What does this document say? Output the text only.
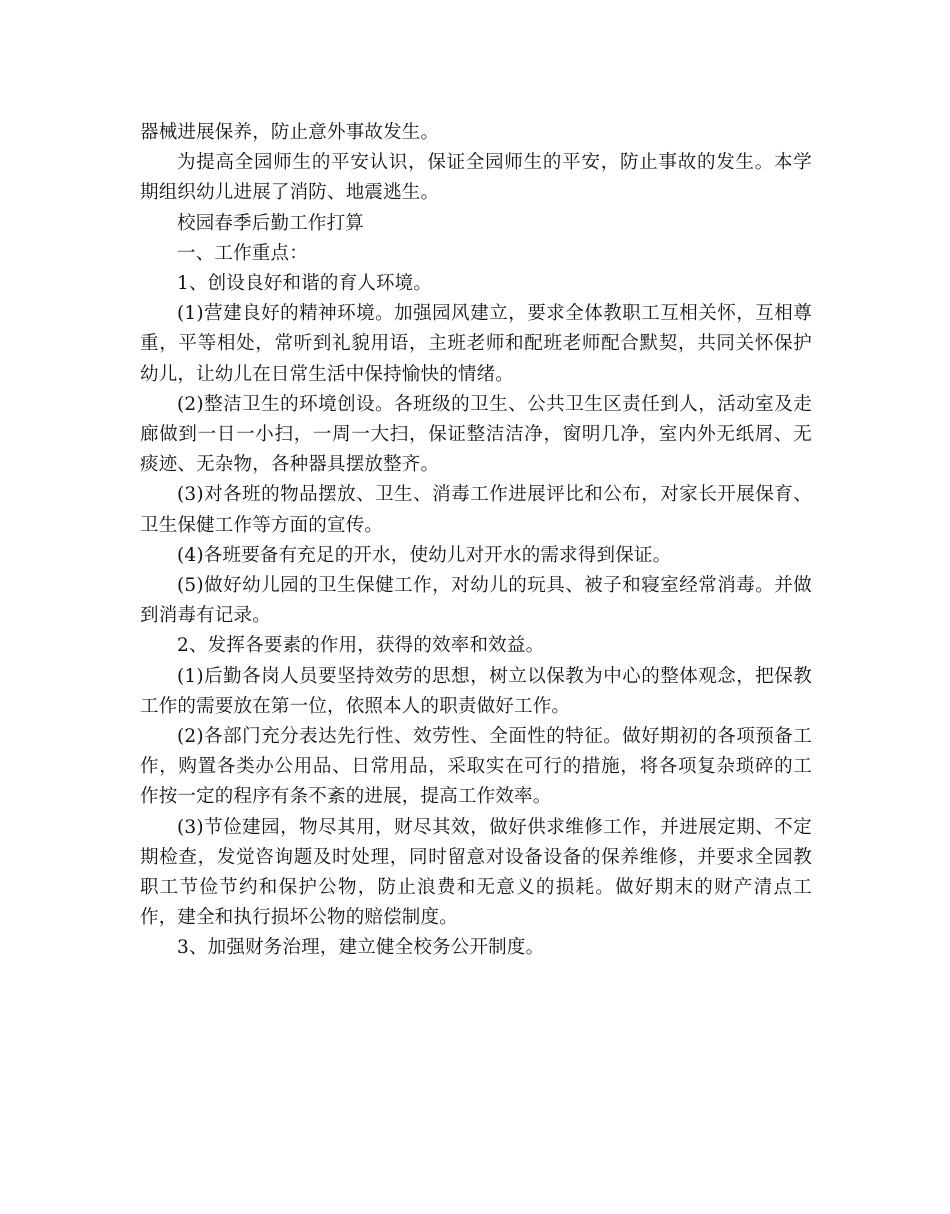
器械进展保养，防止意外事故发生。

为提高全园师生的平安认识，保证全园师生的平安，防止事故的发生。本学期组织幼儿进展了消防、地震逃生。

校园春季后勤工作打算

一、工作重点：

1、创设良好和谐的育人环境。

(1)营建良好的精神环境。加强园风建立，要求全体教职工互相关怀，互相尊重，平等相处，常听到礼貌用语，主班老师和配班老师配合默契，共同关怀保护幼儿，让幼儿在日常生活中保持愉快的情绪。

(2)整洁卫生的环境创设。各班级的卫生、公共卫生区责任到人，活动室及走廊做到一日一小扫，一周一大扫，保证整洁洁净，窗明几净，室内外无纸屑、无痰迹、无杂物，各种器具摆放整齐。

(3)对各班的物品摆放、卫生、消毒工作进展评比和公布，对家长开展保育、卫生保健工作等方面的宣传。

(4)各班要备有充足的开水，使幼儿对开水的需求得到保证。

(5)做好幼儿园的卫生保健工作，对幼儿的玩具、被子和寝室经常消毒。并做到消毒有记录。

2、发挥各要素的作用，获得的效率和效益。

(1)后勤各岗人员要坚持效劳的思想，树立以保教为中心的整体观念，把保教工作的需要放在第一位，依照本人的职责做好工作。

(2)各部门充分表达先行性、效劳性、全面性的特征。做好期初的各项预备工作，购置各类办公用品、日常用品，采取实在可行的措施，将各项复杂琐碎的工作按一定的程序有条不紊的进展，提高工作效率。

(3)节俭建园，物尽其用，财尽其效，做好供求维修工作，并进展定期、不定期检查，发觉咨询题及时处理，同时留意对设备设备的保养维修，并要求全园教职工节俭节约和保护公物，防止浪费和无意义的损耗。做好期末的财产清点工作，建全和执行损坏公物的赔偿制度。

3、加强财务治理，建立健全校务公开制度。
